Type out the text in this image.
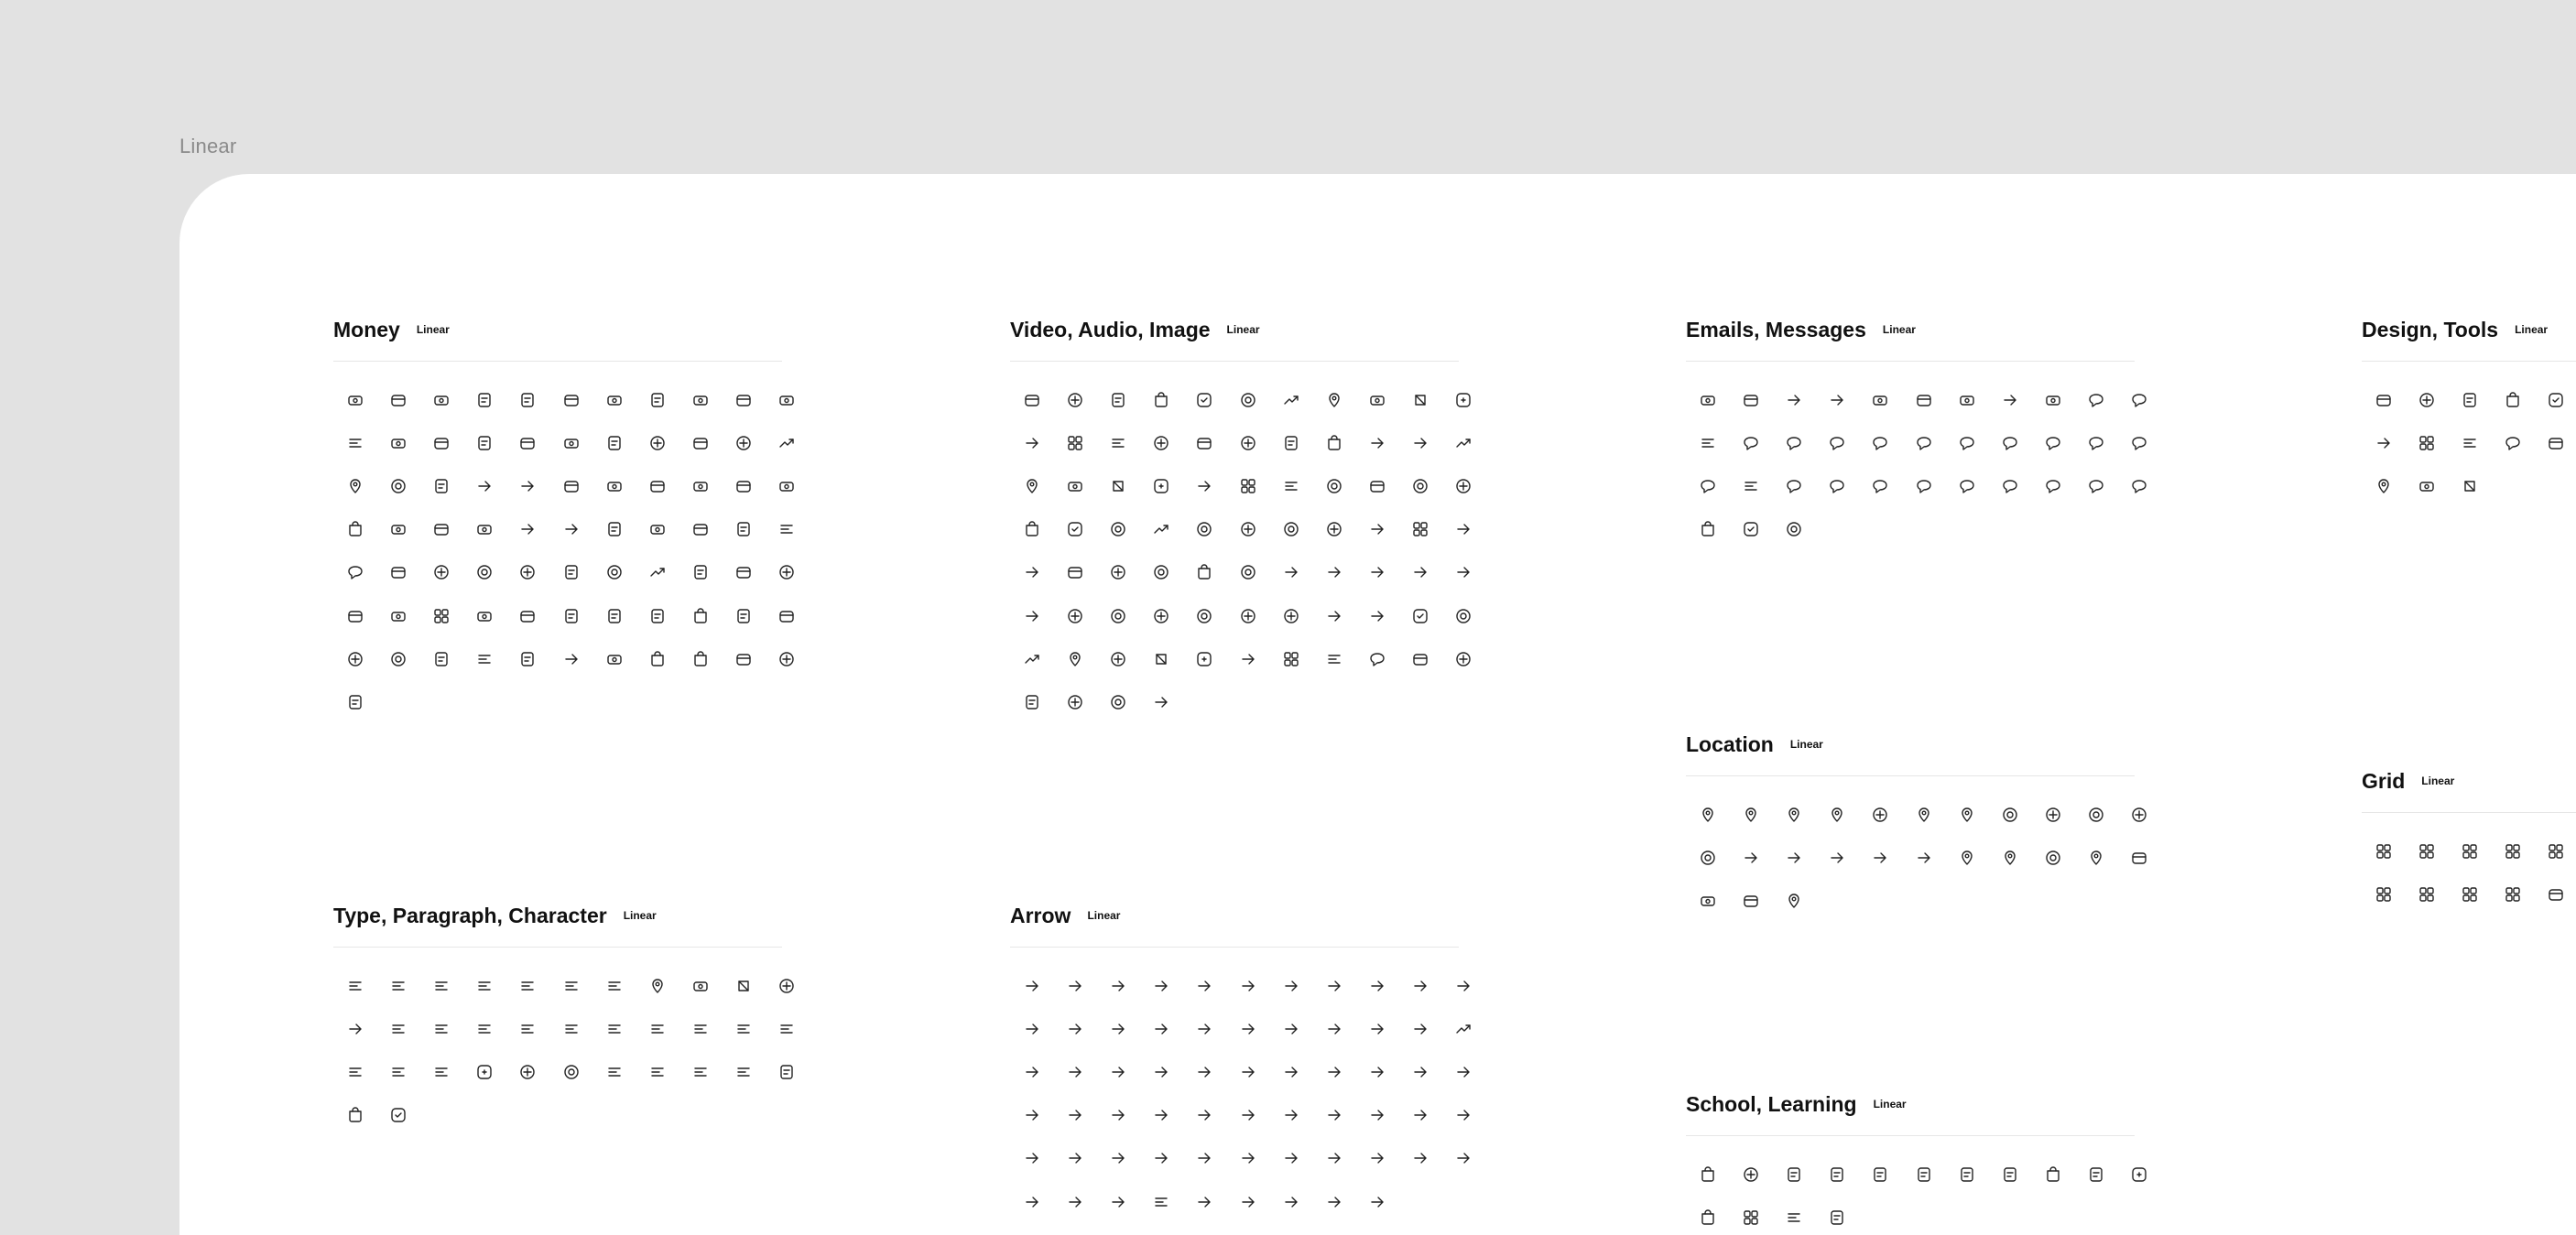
Linear
Money Linear	Video, Audio, Image Linear	Emails, Messages Linear
Location Linear
School, Learning Linear
Design, Tools Linear
Grid Linear
Type, Paragraph, Character Linear	Arrow Linear
